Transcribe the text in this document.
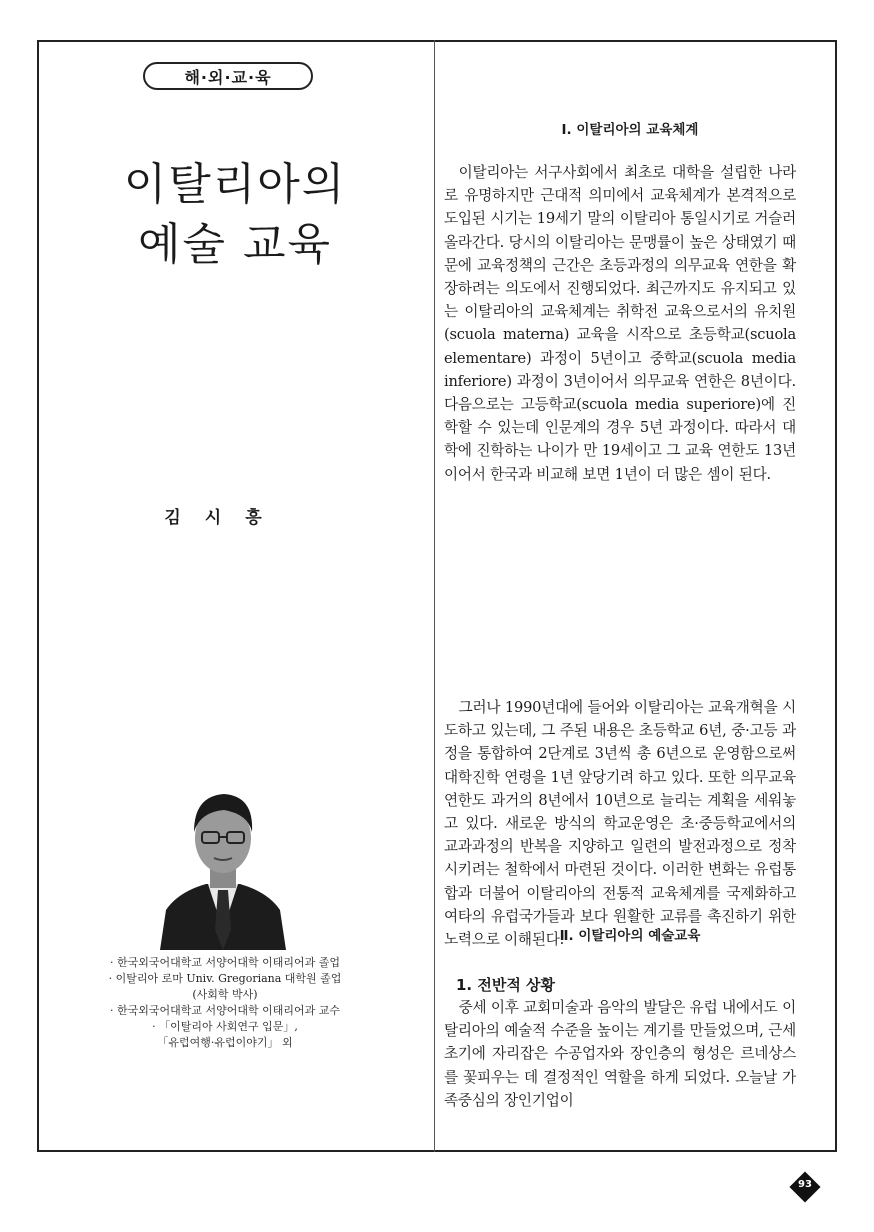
해·외·교·육
이탈리아의
예술 교육
김시흥
· 한국외국어대학교 서양어대학 이태리어과 졸업
· 이탈리아 로마 Univ. Gregoriana 대학원 졸업
(사회학 박사)
· 한국외국어대학교 서양어대학 이태리어과 교수
· 「이탈리아 사회연구 입문」,
「유럽여행·유럽이야기」 외
Ⅰ. 이탈리아의 교육체계

이탈리아는 서구사회에서 최초로 대학을 설립한 나라로 유명하지만 근대적 의미에서 교육체계가 본격적으로 도입된 시기는 19세기 말의 이탈리아 통일시기로 거슬러 올라간다. 당시의 이탈리아는 문맹률이 높은 상태였기 때문에 교육정책의 근간은 초등과정의 의무교육 연한을 확장하려는 의도에서 진행되었다. 최근까지도 유지되고 있는 이탈리아의 교육체계는 취학전 교육으로서의 유치원(scuola materna) 교육을 시작으로 초등학교(scuola elementare) 과정이 5년이고 중학교(scuola media inferiore) 과정이 3년이어서 의무교육 연한은 8년이다. 다음으로는 고등학교(scuola media superiore)에 진학할 수 있는데 인문계의 경우 5년 과정이다. 따라서 대학에 진학하는 나이가 만 19세이고 그 교육 연한도 13년이어서 한국과 비교해 보면 1년이 더 많은 셈이 된다.

그러나 1990년대에 들어와 이탈리아는 교육개혁을 시도하고 있는데, 그 주된 내용은 초등학교 6년, 중·고등 과정을 통합하여 2단계로 3년씩 총 6년으로 운영함으로써 대학진학 연령을 1년 앞당기려 하고 있다. 또한 의무교육 연한도 과거의 8년에서 10년으로 늘리는 계획을 세워놓고 있다. 새로운 방식의 학교운영은 초·중등학교에서의 교과과정의 반복을 지양하고 일련의 발전과정으로 정착시키려는 철학에서 마련된 것이다. 이러한 변화는 유럽통합과 더불어 이탈리아의 전통적 교육체계를 국제화하고 여타의 유럽국가들과 보다 원활한 교류를 촉진하기 위한 노력으로 이해된다.

Ⅱ. 이탈리아의 예술교육
1. 전반적 상황

중세 이후 교회미술과 음악의 발달은 유럽 내에서도 이탈리아의 예술적 수준을 높이는 계기를 만들었으며, 근세 초기에 자리잡은 수공업자와 장인층의 형성은 르네상스를 꽃피우는 데 결정적인 역할을 하게 되었다. 오늘날 가족중심의 장인기업이

93
